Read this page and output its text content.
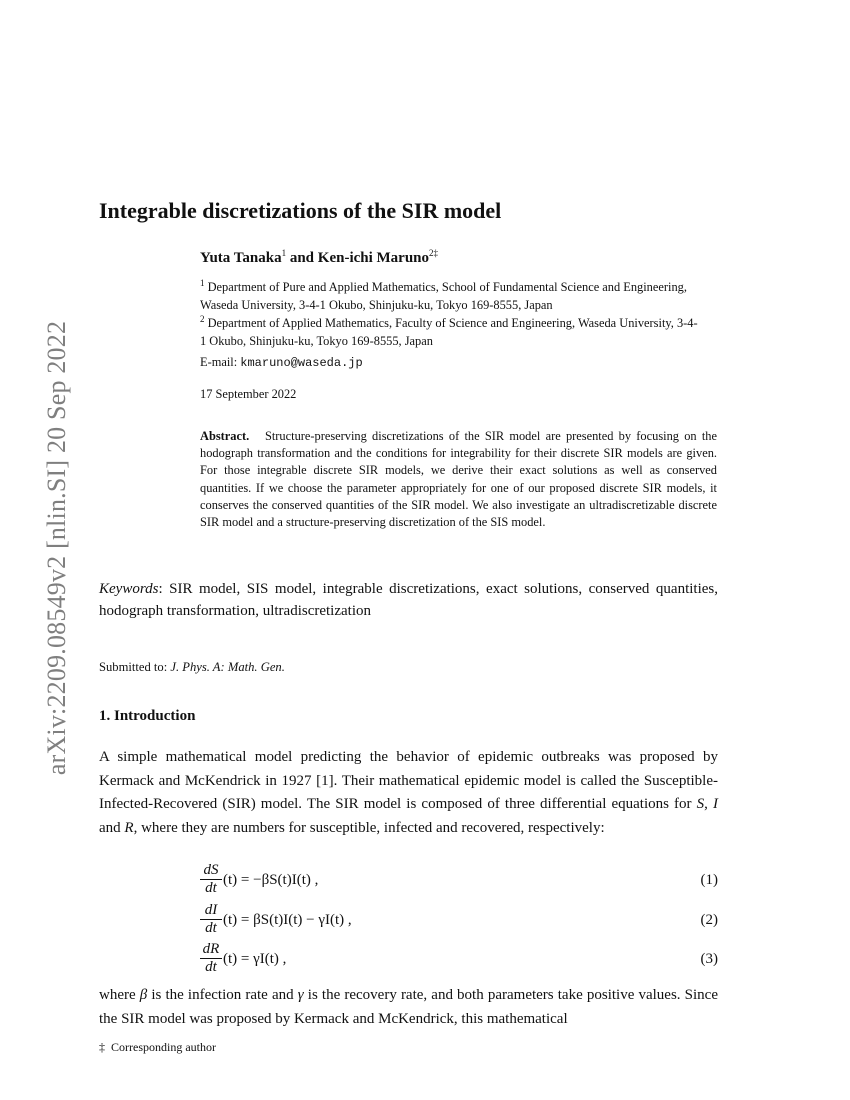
arXiv:2209.08549v2 [nlin.SI] 20 Sep 2022
Integrable discretizations of the SIR model
Yuta Tanaka$^1$ and Ken-ichi Maruno$^{2\ddagger}$
$^1$ Department of Pure and Applied Mathematics, School of Fundamental Science and Engineering, Waseda University, 3-4-1 Okubo, Shinjuku-ku, Tokyo 169-8555, Japan
$^2$ Department of Applied Mathematics, Faculty of Science and Engineering, Waseda University, 3-4-1 Okubo, Shinjuku-ku, Tokyo 169-8555, Japan
E-mail: kmaruno@waseda.jp
17 September 2022
Abstract. Structure-preserving discretizations of the SIR model are presented by focusing on the hodograph transformation and the conditions for integrability for their discrete SIR models are given. For those integrable discrete SIR models, we derive their exact solutions as well as conserved quantities. If we choose the parameter appropriately for one of our proposed discrete SIR models, it conserves the conserved quantities of the SIR model. We also investigate an ultradiscretizable discrete SIR model and a structure-preserving discretization of the SIS model.
Keywords: SIR model, SIS model, integrable discretizations, exact solutions, conserved quantities, hodograph transformation, ultradiscretization
Submitted to: J. Phys. A: Math. Gen.
1. Introduction
A simple mathematical model predicting the behavior of epidemic outbreaks was proposed by Kermack and McKendrick in 1927 [1]. Their mathematical epidemic model is called the Susceptible-Infected-Recovered (SIR) model. The SIR model is composed of three differential equations for S, I and R, where they are numbers for susceptible, infected and recovered, respectively:
$\frac{dS}{dt} (t) = -\beta S(t)I(t)$ ,	(1)
$\frac{dI}{dt} (t) = \beta S(t)I(t) - \gamma I(t)$ ,	(2)
$\frac{dR}{dt} (t) = \gamma I(t)$ ,	(3)
where β is the infection rate and γ is the recovery rate, and both parameters take positive values. Since the SIR model was proposed by Kermack and McKendrick, this mathematical
‡  Corresponding author
